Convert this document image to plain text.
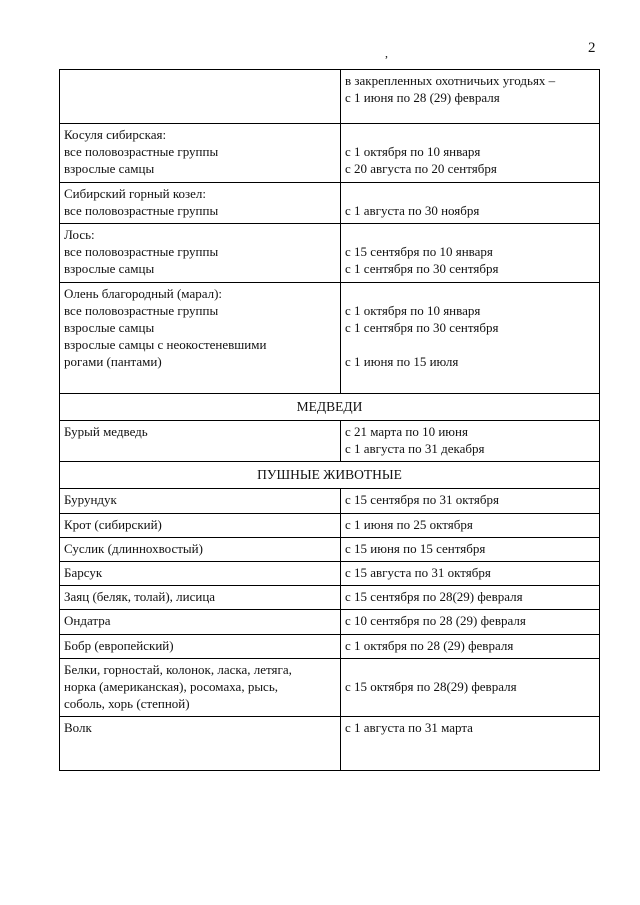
,	2

	в закрепленных охотничьих угодьях –
с 1 июня по 28 (29) февраля

Косуля сибирская:
все половозрастные группы
взрослые самцы	с 1 октября по 10 января
с 20 августа по 20 сентября

Сибирский горный козел:
все половозрастные группы	с 1 августа по 30 ноября

Лось:
все половозрастные группы
взрослые самцы	с 15 сентября по 10 января
с 1 сентября по 30 сентября

Олень благородный (марал):
все половозрастные группы
взрослые самцы
взрослые самцы с неокостеневшими
рогами (пантами)	с 1 октября по 10 января
с 1 сентября по 30 сентября
с 1 июня по 15 июля

МЕДВЕДИ	

Бурый медведь	с 21 марта по 10 июня
с 1 августа по 31 декабря

ПУШНЫЕ ЖИВОТНЫЕ	

Бурундук	с 15 сентября по 31 октября

Крот (сибирский)	с 1 июня по 25 октября

Суслик (длиннохвостый)	с 15 июня по 15 сентября

Барсук	с 15 августа по 31 октября

Заяц (беляк, толай), лисица	с 15 сентября по 28(29) февраля

Ондатра	с 10 сентября по 28 (29) февраля

Бобр (европейский)	с 1 октября по 28 (29) февраля

Белки, горностай, колонок, ласка, летяга,
норка (американская), росомаха, рысь,
соболь, хорь (степной)	с 15 октября по 28(29) февраля

Волк	с 1 августа по 31 марта
